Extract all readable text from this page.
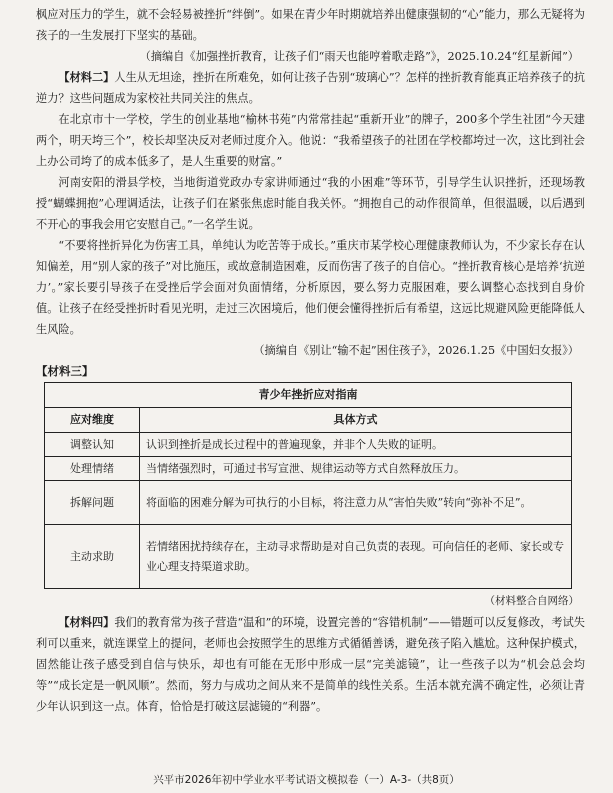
枫应对压力的学生，就不会轻易被挫折“绊倒”。如果在青少年时期就培养出健康强韧的“心”能力，那么无疑将为孩子的一生发展打下坚实的基础。

（摘编自《加强挫折教育，让孩子们“雨天也能哼着歌走路”》，2025.10.24“红星新闻”）

【材料二】人生从无坦途，挫折在所难免，如何让孩子告别“玻璃心”？怎样的挫折教育能真正培养孩子的抗逆力？这些问题成为家校社共同关注的焦点。

在北京市十一学校，学生的创业基地“榆林书苑”内常常挂起“重新开业”的牌子，200多个学生社团“今天建两个，明天垮三个”，校长却坚决反对老师过度介入。他说：“我希望孩子的社团在学校都垮过一次，这比到社会上办公司垮了的成本低多了，是人生重要的财富。”

河南安阳的滑县学校，当地街道党政办专家讲师通过“我的小困难”等环节，引导学生认识挫折，还现场教授“蝴蝶拥抱”心理调适法，让孩子们在紧张焦虑时能自我关怀。“拥抱自己的动作很简单，但很温暖，以后遇到不开心的事我会用它安慰自己。”一名学生说。

“不要将挫折异化为伤害工具，单纯认为吃苦等于成长。”重庆市某学校心理健康教师认为，不少家长存在认知偏差，用“别人家的孩子”对比施压，或故意制造困难，反而伤害了孩子的自信心。“挫折教育核心是培养‘抗逆力’。”家长要引导孩子在受挫后学会面对负面情绪，分析原因，要么努力克服困难，要么调整心态找到自身价值。让孩子在经受挫折时看见光明，走过三次困境后，他们便会懂得挫折后有希望，这远比规避风险更能降低人生风险。

（摘编自《别让“输不起”困住孩子》，2026.1.25《中国妇女报》）

【材料三】
青少年挫折应对指南	
应对维度	具体方式
调整认知	认识到挫折是成长过程中的普遍现象，并非个人失败的证明。
处理情绪	当情绪强烈时，可通过书写宣泄、规律运动等方式自然释放压力。
拆解问题	将面临的困难分解为可执行的小目标，将注意力从“害怕失败”转向“弥补不足”。
主动求助	若情绪困扰持续存在，主动寻求帮助是对自己负责的表现。可向信任的老师、家长或专业心理支持渠道求助。
（材料整合自网络）

【材料四】我们的教育常为孩子营造“温和”的环境，设置完善的“容错机制”——错题可以反复修改，考试失利可以重来，就连课堂上的提问，老师也会按照学生的思维方式循循善诱，避免孩子陷入尴尬。这种保护模式，固然能让孩子感受到自信与快乐，却也有可能在无形中形成一层“完美滤镜”，让一些孩子以为“机会总会均等”“成长定是一帆风顺”。然而，努力与成功之间从来不是简单的线性关系。生活本就充满不确定性，必须让青少年认识到这一点。体育，恰恰是打破这层滤镜的“利器”。

兴平市2026年初中学业水平考试语文模拟卷（一）A-3-（共8页）
